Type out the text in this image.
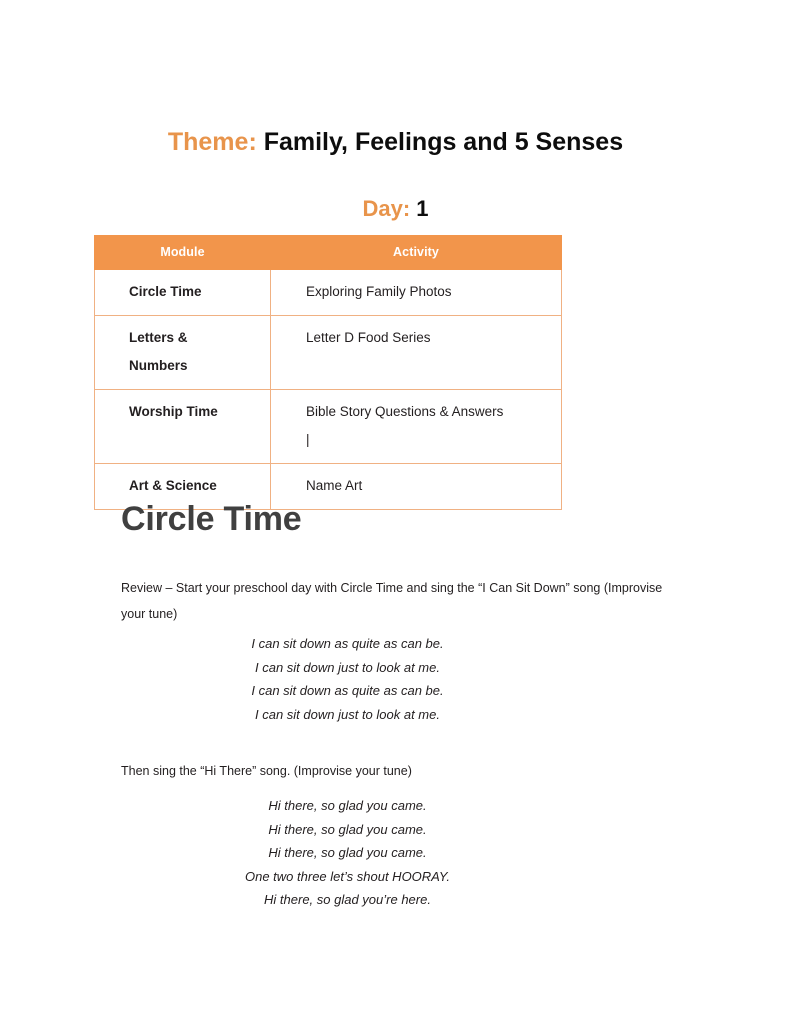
Theme: Family, Feelings and 5 Senses
Day: 1
Module	Activity

Circle Time	Exploring Family Photos

Letters &
Numbers	Letter D Food Series

Worship Time	Bible Story Questions & Answers
|

Art & Science	Name Art
Circle Time
Review – Start your preschool day with Circle Time and sing the “I Can Sit Down” song (Improvise your tune)
I can sit down as quite as can be.
I can sit down just to look at me.
I can sit down as quite as can be.
I can sit down just to look at me.
Then sing the “Hi There” song. (Improvise your tune)
Hi there, so glad you came.
Hi there, so glad you came.
Hi there, so glad you came.
One two three let’s shout HOORAY.
Hi there, so glad you’re here.
